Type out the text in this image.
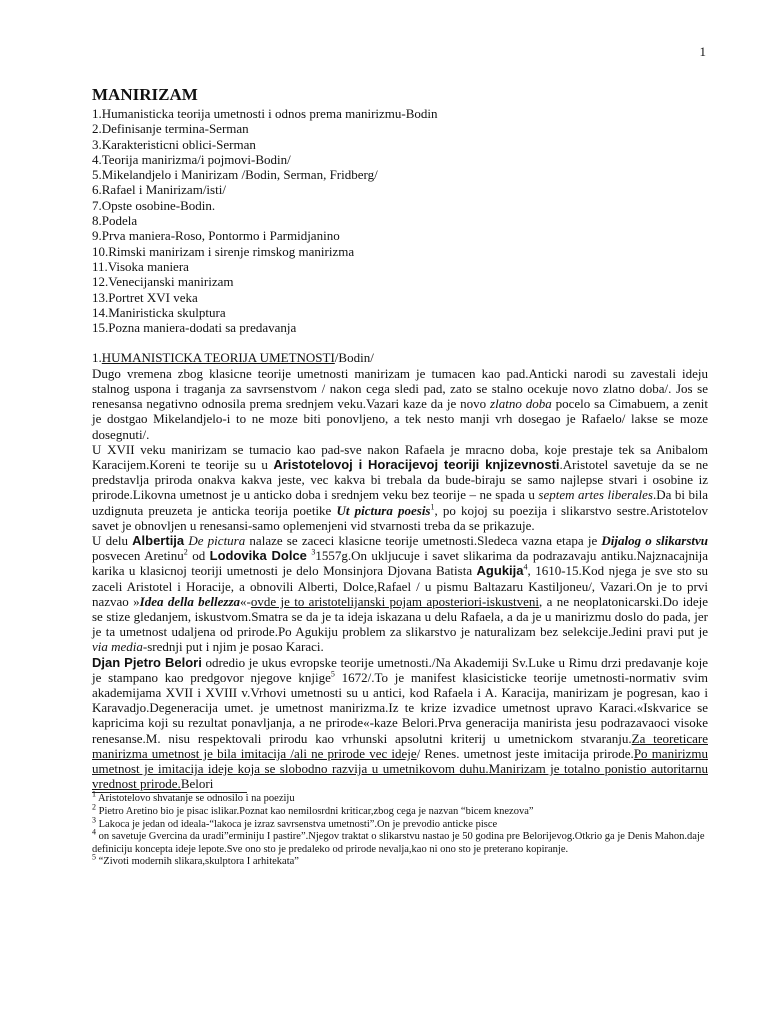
1
MANIRIZAM
1.Humanisticka teorija umetnosti i odnos prema manirizmu-Bodin
2.Definisanje termina-Serman
3.Karakteristicni oblici-Serman
4.Teorija manirizma/i pojmovi-Bodin/
5.Mikelandjelo i Manirizam /Bodin, Serman, Fridberg/
6.Rafael i Manirizam/isti/
7.Opste osobine-Bodin.
8.Podela
9.Prva maniera-Roso, Pontormo i Parmidjanino
10.Rimski manirizam i sirenje rimskog manirizma
11.Visoka maniera
12.Venecijanski manirizam
13.Portret XVI veka
14.Maniristicka skulptura
15.Pozna maniera-dodati sa predavanja
1.HUMANISTICKA TEORIJA UMETNOSTI/Bodin/

Dugo vremena zbog klasicne teorije umetnosti manirizam je tumacen kao pad.Anticki narodi su zavestali ideju stalnog uspona i traganja za savrsenstvom / nakon cega sledi pad, zato se stalno ocekuje novo zlatno doba/. Jos se renesansa negativno odnosila prema srednjem veku.Vazari kaze da je novo zlatno doba pocelo sa Cimabuem, a zenit je dostgao Mikelandjelo-i to ne moze biti ponovljeno, a tek nesto manji vrh dosegao je Rafaelo/ lakse se moze dosegnuti/.

U XVII veku manirizam se tumacio kao pad-sve nakon Rafaela je mracno doba, koje prestaje tek sa Anibalom Karacijem.Koreni te teorije su u Aristotelovoj i Horacijevoj teoriji knjizevnosti.Aristotel savetuje da se ne predstavlja priroda onakva kakva jeste, vec kakva bi trebala da bude-biraju se samo najlepse stvari i osobine iz prirode.Likovna umetnost je u anticko doba i srednjem veku bez teorije – ne spada u septem artes liberales.Da bi bila uzdignuta preuzeta je anticka teorija poetike Ut pictura poesis$^1$, po kojoj su poezija i slikarstvo sestre.Aristotelov savet je obnovljen u renesansi-samo oplemenjeni vid stvarnosti treba da se prikazuje.

U delu Albertija De pictura nalaze se zaceci klasicne teorije umetnosti.Sledeca vazna etapa je Dijalog o slikarstvu posvecen Aretinu$^2$ od Lodovika Dolce $^3$1557g.On ukljucuje i savet slikarima da podrazavaju antiku.Najznacajnija karika u klasicnoj teoriji umetnosti je delo Monsinjora Djovana Batista Agukija$^4$, 1610-15.Kod njega je sve sto su zaceli Aristotel i Horacije, a obnovili Alberti, Dolce,Rafael / u pismu Baltazaru Kastiljoneu/, Vazari.On je to prvi nazvao »Idea della bellezza«-ovde je to aristotelijanski pojam aposteriori-iskustveni, a ne neoplatonicarski.Do ideje se stize gledanjem, iskustvom.Smatra se da je ta ideja iskazana u delu Rafaela, a da je u manirizmu doslo do pada, jer je ta umetnost udaljena od prirode.Po Agukiju problem za slikarstvo je naturalizam bez selekcije.Jedini pravi put je via media-srednji put i njim je posao Karaci.

Djan Pjetro Belori odredio je ukus evropske teorije umetnosti./Na Akademiji Sv.Luke u Rimu drzi predavanje koje je stampano kao predgovor njegove knjige$^5$ 1672/.To je manifest klasicisticke teorije umetnosti-normativ svim akademijama XVII i XVIII v.Vrhovi umetnosti su u antici, kod Rafaela i A. Karacija, manirizam je pogresan, kao i Karavadjo.Degeneracija umet. je umetnost manirizma.Iz te krize izvadice umetnost upravo Karaci.«Iskvarice se kapricima koji su rezultat ponavljanja, a ne prirode«-kaze Belori.Prva generacija manirista jesu podrazavaoci visoke renesanse.M. nisu respektovali prirodu kao vrhunski apsolutni kriterij u umetnickom stvaranju.Za teoreticare manirizma umetnost je bila imitacija /ali ne prirode vec ideje/ Renes. umetnost jeste imitacija prirode.Po manirizmu umetnost je imitacija ideje koja se slobodno razvija u umetnikovom duhu.Manirizam je totalno ponistio autoritarnu vrednost prirode.Belori

$^1$ Aristotelovo shvatanje se odnosilo i na poeziju
$^2$ Pietro Aretino bio je pisac islikar.Poznat kao nemilosrdni kriticar,zbog cega je nazvan “bicem knezova”
$^3$ Lakoca je jedan od ideala-“lakoca je izraz savrsenstva umetnosti”.On je prevodio anticke pisce
$^4$ on savetuje Gvercina da uradi”erminiju I pastire”.Njegov traktat o slikarstvu nastao je 50 godina pre Belorijevog.Otkrio ga je Denis Mahon.daje definiciju koncepta ideje lepote.Sve ono sto je predaleko od prirode nevalja,kao ni ono sto je preterano kopiranje.
$^5$ “Zivoti modernih slikara,skulptora I arhitekata”
